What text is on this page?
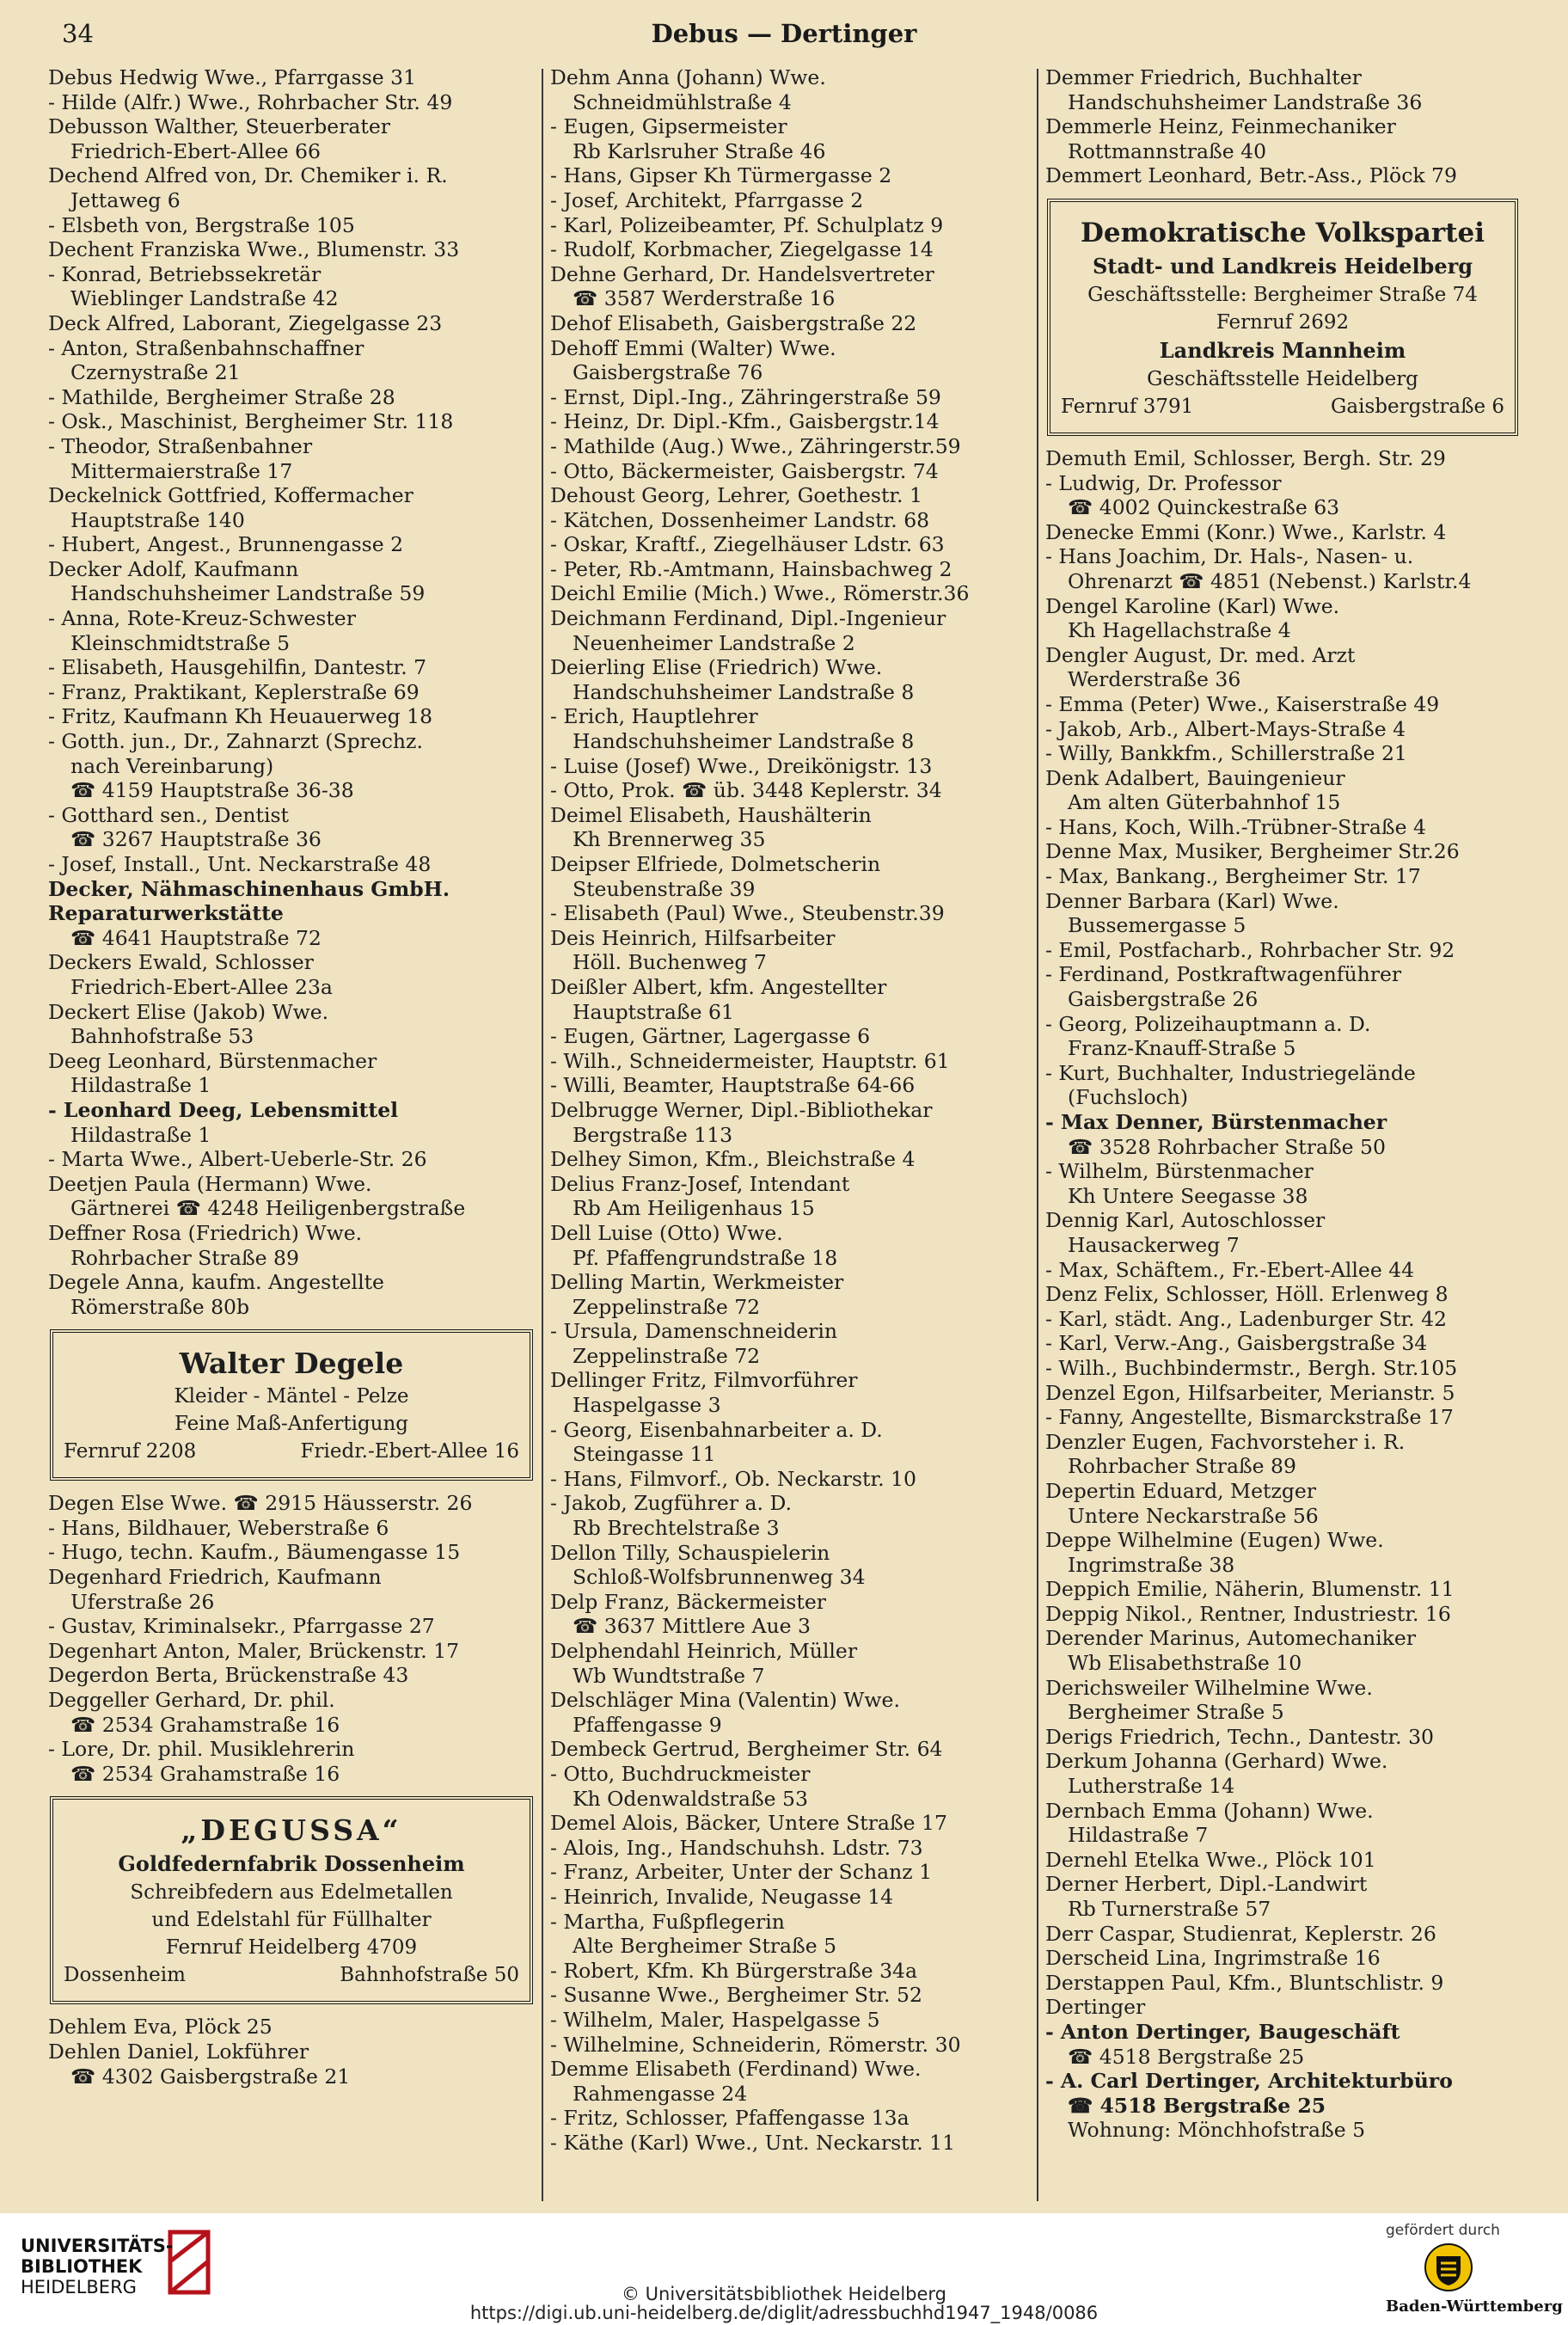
34	Debus — Dertinger
Debus Hedwig Wwe., Pfarrgasse 31
- Hilde (Alfr.) Wwe., Rohrbacher Str. 49
Debusson Walther, Steuerberater
Friedrich-Ebert-Allee 66
Dechend Alfred von, Dr. Chemiker i. R.
Jettaweg 6
- Elsbeth von, Bergstraße 105
Dechent Franziska Wwe., Blumenstr. 33
- Konrad, Betriebssekretär
Wieblinger Landstraße 42
Deck Alfred, Laborant, Ziegelgasse 23
- Anton, Straßenbahnschaffner
Czernystraße 21
- Mathilde, Bergheimer Straße 28
- Osk., Maschinist, Bergheimer Str. 118
- Theodor, Straßenbahner
Mittermaierstraße 17
Deckelnick Gottfried, Koffermacher
Hauptstraße 140
- Hubert, Angest., Brunnengasse 2
Decker Adolf, Kaufmann
Handschuhsheimer Landstraße 59
- Anna, Rote-Kreuz-Schwester
Kleinschmidtstraße 5
- Elisabeth, Hausgehilfin, Dantestr. 7
- Franz, Praktikant, Keplerstraße 69
- Fritz, Kaufmann Kh Heuauerweg 18
- Gotth. jun., Dr., Zahnarzt (Sprechz.
nach Vereinbarung)
☎ 4159 Hauptstraße 36-38
- Gotthard sen., Dentist
☎ 3267 Hauptstraße 36
- Josef, Install., Unt. Neckarstraße 48
Decker, Nähmaschinenhaus GmbH.
Reparaturwerkstätte
☎ 4641 Hauptstraße 72
Deckers Ewald, Schlosser
Friedrich-Ebert-Allee 23a
Deckert Elise (Jakob) Wwe.
Bahnhofstraße 53
Deeg Leonhard, Bürstenmacher
Hildastraße 1
- Leonhard Deeg, Lebensmittel
Hildastraße 1
- Marta Wwe., Albert-Ueberle-Str. 26
Deetjen Paula (Hermann) Wwe.
Gärtnerei ☎ 4248 Heiligenbergstraße
Deffner Rosa (Friedrich) Wwe.
Rohrbacher Straße 89
Degele Anna, kaufm. Angestellte
Römerstraße 80b
Walter Degele
Kleider - Mäntel - Pelze
Feine Maß-Anfertigung
Fernruf 2208	Friedr.-Ebert-Allee 16
Degen Else Wwe. ☎ 2915 Häusserstr. 26
- Hans, Bildhauer, Weberstraße 6
- Hugo, techn. Kaufm., Bäumengasse 15
Degenhard Friedrich, Kaufmann
Uferstraße 26
- Gustav, Kriminalsekr., Pfarrgasse 27
Degenhart Anton, Maler, Brückenstr. 17
Degerdon Berta, Brückenstraße 43
Deggeller Gerhard, Dr. phil.
☎ 2534 Grahamstraße 16
- Lore, Dr. phil. Musiklehrerin
☎ 2534 Grahamstraße 16
„DEGUSSA“
Goldfedernfabrik Dossenheim
Schreibfedern aus Edelmetallen
und Edelstahl für Füllhalter
Fernruf Heidelberg 4709
Dossenheim	Bahnhofstraße 50
Dehlem Eva, Plöck 25
Dehlen Daniel, Lokführer
☎ 4302 Gaisbergstraße 21
Dehm Anna (Johann) Wwe.
Schneidmühlstraße 4
- Eugen, Gipsermeister
Rb Karlsruher Straße 46
- Hans, Gipser Kh Türmergasse 2
- Josef, Architekt, Pfarrgasse 2
- Karl, Polizeibeamter, Pf. Schulplatz 9
- Rudolf, Korbmacher, Ziegelgasse 14
Dehne Gerhard, Dr. Handelsvertreter
☎ 3587 Werderstraße 16
Dehof Elisabeth, Gaisbergstraße 22
Dehoff Emmi (Walter) Wwe.
Gaisbergstraße 76
- Ernst, Dipl.-Ing., Zähringerstraße 59
- Heinz, Dr. Dipl.-Kfm., Gaisbergstr.14
- Mathilde (Aug.) Wwe., Zähringerstr.59
- Otto, Bäckermeister, Gaisbergstr. 74
Dehoust Georg, Lehrer, Goethestr. 1
- Kätchen, Dossenheimer Landstr. 68
- Oskar, Kraftf., Ziegelhäuser Ldstr. 63
- Peter, Rb.-Amtmann, Hainsbachweg 2
Deichl Emilie (Mich.) Wwe., Römerstr.36
Deichmann Ferdinand, Dipl.-Ingenieur
Neuenheimer Landstraße 2
Deierling Elise (Friedrich) Wwe.
Handschuhsheimer Landstraße 8
- Erich, Hauptlehrer
Handschuhsheimer Landstraße 8
- Luise (Josef) Wwe., Dreikönigstr. 13
- Otto, Prok. ☎ üb. 3448 Keplerstr. 34
Deimel Elisabeth, Haushälterin
Kh Brennerweg 35
Deipser Elfriede, Dolmetscherin
Steubenstraße 39
- Elisabeth (Paul) Wwe., Steubenstr.39
Deis Heinrich, Hilfsarbeiter
Höll. Buchenweg 7
Deißler Albert, kfm. Angestellter
Hauptstraße 61
- Eugen, Gärtner, Lagergasse 6
- Wilh., Schneidermeister, Hauptstr. 61
- Willi, Beamter, Hauptstraße 64-66
Delbrugge Werner, Dipl.-Bibliothekar
Bergstraße 113
Delhey Simon, Kfm., Bleichstraße 4
Delius Franz-Josef, Intendant
Rb Am Heiligenhaus 15
Dell Luise (Otto) Wwe.
Pf. Pfaffengrundstraße 18
Delling Martin, Werkmeister
Zeppelinstraße 72
- Ursula, Damenschneiderin
Zeppelinstraße 72
Dellinger Fritz, Filmvorführer
Haspelgasse 3
- Georg, Eisenbahnarbeiter a. D.
Steingasse 11
- Hans, Filmvorf., Ob. Neckarstr. 10
- Jakob, Zugführer a. D.
Rb Brechtelstraße 3
Dellon Tilly, Schauspielerin
Schloß-Wolfsbrunnenweg 34
Delp Franz, Bäckermeister
☎ 3637 Mittlere Aue 3
Delphendahl Heinrich, Müller
Wb Wundtstraße 7
Delschläger Mina (Valentin) Wwe.
Pfaffengasse 9
Dembeck Gertrud, Bergheimer Str. 64
- Otto, Buchdruckmeister
Kh Odenwaldstraße 53
Demel Alois, Bäcker, Untere Straße 17
- Alois, Ing., Handschuhsh. Ldstr. 73
- Franz, Arbeiter, Unter der Schanz 1
- Heinrich, Invalide, Neugasse 14
- Martha, Fußpflegerin
Alte Bergheimer Straße 5
- Robert, Kfm. Kh Bürgerstraße 34a
- Susanne Wwe., Bergheimer Str. 52
- Wilhelm, Maler, Haspelgasse 5
- Wilhelmine, Schneiderin, Römerstr. 30
Demme Elisabeth (Ferdinand) Wwe.
Rahmengasse 24
- Fritz, Schlosser, Pfaffengasse 13a
- Käthe (Karl) Wwe., Unt. Neckarstr. 11
Demmer Friedrich, Buchhalter
Handschuhsheimer Landstraße 36
Demmerle Heinz, Feinmechaniker
Rottmannstraße 40
Demmert Leonhard, Betr.-Ass., Plöck 79
Demokratische Volkspartei
Stadt- und Landkreis Heidelberg
Geschäftsstelle: Bergheimer Straße 74
Fernruf 2692
Landkreis Mannheim
Geschäftsstelle Heidelberg
Fernruf 3791	Gaisbergstraße 6
Demuth Emil, Schlosser, Bergh. Str. 29
- Ludwig, Dr. Professor
☎ 4002 Quinckestraße 63
Denecke Emmi (Konr.) Wwe., Karlstr. 4
- Hans Joachim, Dr. Hals-, Nasen- u.
Ohrenarzt ☎ 4851 (Nebenst.) Karlstr.4
Dengel Karoline (Karl) Wwe.
Kh Hagellachstraße 4
Dengler August, Dr. med. Arzt
Werderstraße 36
- Emma (Peter) Wwe., Kaiserstraße 49
- Jakob, Arb., Albert-Mays-Straße 4
- Willy, Bankkfm., Schillerstraße 21
Denk Adalbert, Bauingenieur
Am alten Güterbahnhof 15
- Hans, Koch, Wilh.-Trübner-Straße 4
Denne Max, Musiker, Bergheimer Str.26
- Max, Bankang., Bergheimer Str. 17
Denner Barbara (Karl) Wwe.
Bussemergasse 5
- Emil, Postfacharb., Rohrbacher Str. 92
- Ferdinand, Postkraftwagenführer
Gaisbergstraße 26
- Georg, Polizeihauptmann a. D.
Franz-Knauff-Straße 5
- Kurt, Buchhalter, Industriegelände
(Fuchsloch)
- Max Denner, Bürstenmacher
☎ 3528 Rohrbacher Straße 50
- Wilhelm, Bürstenmacher
Kh Untere Seegasse 38
Dennig Karl, Autoschlosser
Hausackerweg 7
- Max, Schäftem., Fr.-Ebert-Allee 44
Denz Felix, Schlosser, Höll. Erlenweg 8
- Karl, städt. Ang., Ladenburger Str. 42
- Karl, Verw.-Ang., Gaisbergstraße 34
- Wilh., Buchbindermstr., Bergh. Str.105
Denzel Egon, Hilfsarbeiter, Merianstr. 5
- Fanny, Angestellte, Bismarckstraße 17
Denzler Eugen, Fachvorsteher i. R.
Rohrbacher Straße 89
Depertin Eduard, Metzger
Untere Neckarstraße 56
Deppe Wilhelmine (Eugen) Wwe.
Ingrimstraße 38
Deppich Emilie, Näherin, Blumenstr. 11
Deppig Nikol., Rentner, Industriestr. 16
Derender Marinus, Automechaniker
Wb Elisabethstraße 10
Derichsweiler Wilhelmine Wwe.
Bergheimer Straße 5
Derigs Friedrich, Techn., Dantestr. 30
Derkum Johanna (Gerhard) Wwe.
Lutherstraße 14
Dernbach Emma (Johann) Wwe.
Hildastraße 7
Dernehl Etelka Wwe., Plöck 101
Derner Herbert, Dipl.-Landwirt
Rb Turnerstraße 57
Derr Caspar, Studienrat, Keplerstr. 26
Derscheid Lina, Ingrimstraße 16
Derstappen Paul, Kfm., Bluntschlistr. 9
Dertinger
- Anton Dertinger, Baugeschäft
☎ 4518 Bergstraße 25
- A. Carl Dertinger, Architekturbüro
☎ 4518 Bergstraße 25
Wohnung: Mönchhofstraße 5
UNIVERSITÄTS-
BIBLIOTHEK
HEIDELBERG	© Universitätsbibliothek Heidelberg
https://digi.ub.uni-heidelberg.de/diglit/adressbuchhd1947_1948/0086
gefördert durch
Baden-Württemberg
